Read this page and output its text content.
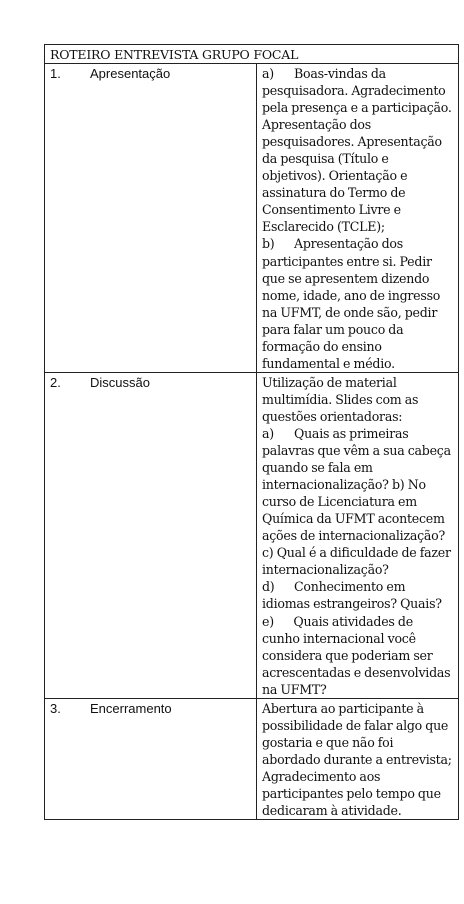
ROTEIRO ENTREVISTA GRUPO FOCAL	
1. Apresentação	a) Boas-vindas da pesquisadora. Agradecimento pela presença e a participação. Apresentação dos pesquisadores. Apresentação da pesquisa (Título e objetivos). Orientação e assinatura do Termo de Consentimento Livre e Esclarecido (TCLE);
b) Apresentação dos participantes entre si. Pedir que se apresentem dizendo nome, idade, ano de ingresso na UFMT, de onde são, pedir para falar um pouco da formação do ensino fundamental e médio.
2. Discussão	Utilização de material multimídia. Slides com as questões orientadoras:
a) Quais as primeiras palavras que vêm a sua cabeça quando se fala em internacionalização? b) No curso de Licenciatura em Química da UFMT acontecem ações de internacionalização? c) Qual é a dificuldade de fazer internacionalização?
d) Conhecimento em idiomas estrangeiros? Quais? e) Quais atividades de cunho internacional você considera que poderiam ser acrescentadas e desenvolvidas na UFMT?
3. Encerramento	Abertura ao participante à possibilidade de falar algo que gostaria e que não foi abordado durante a entrevista; Agradecimento aos participantes pelo tempo que dedicaram à atividade.
